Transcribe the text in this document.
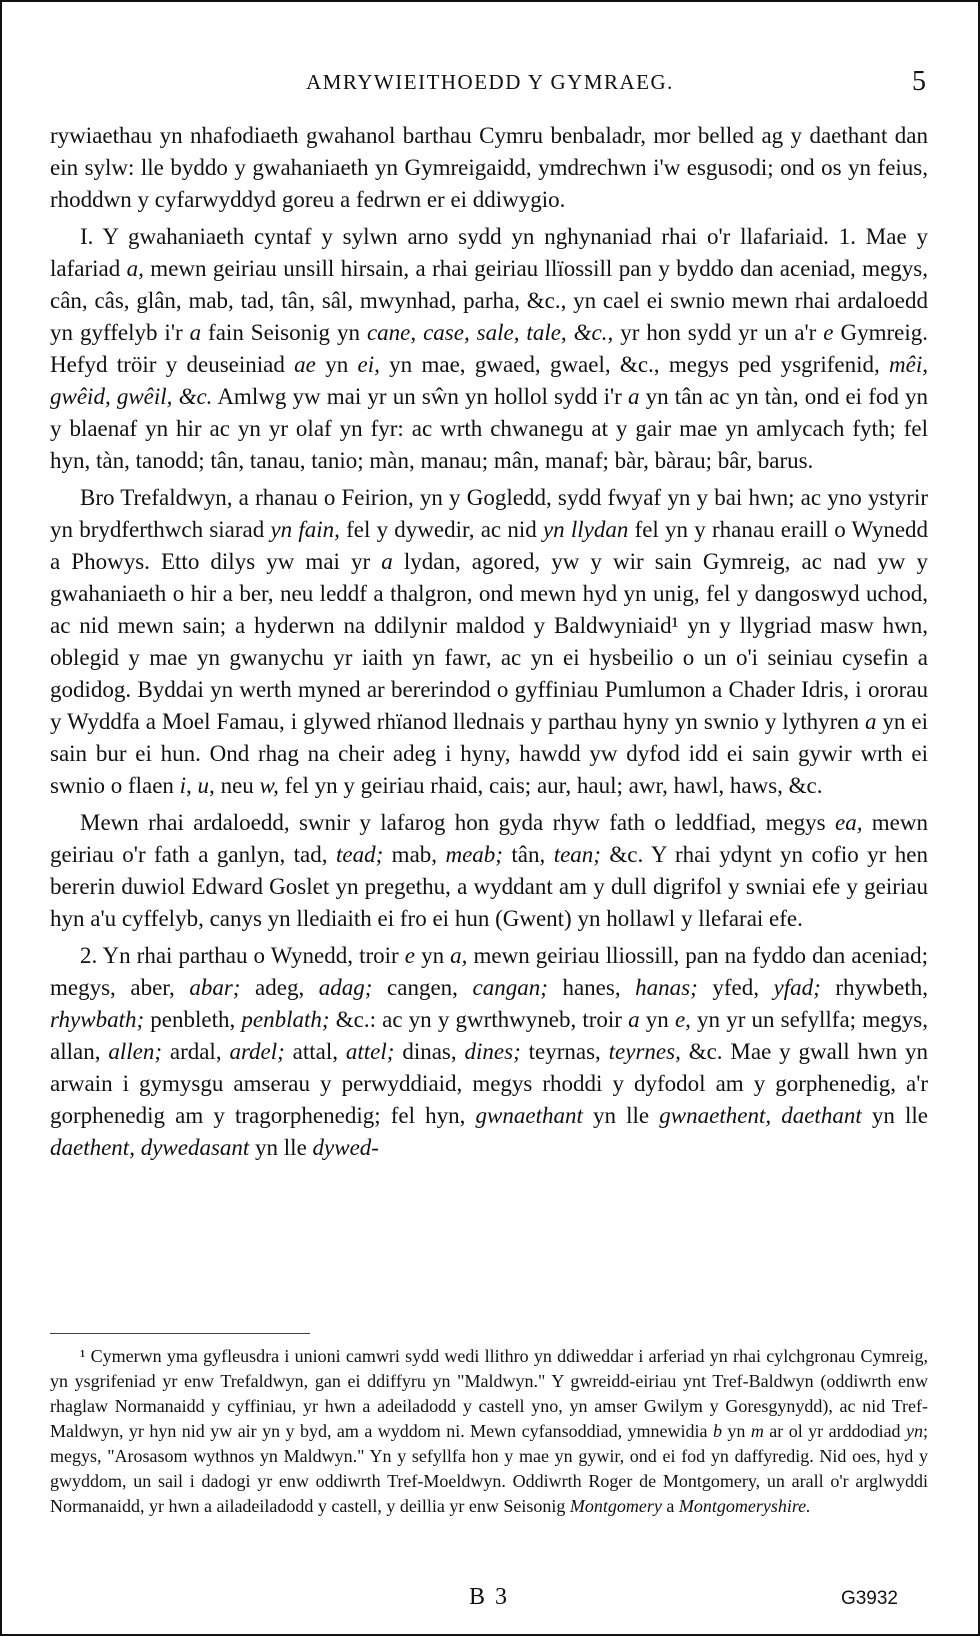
AMRYWIEITHOEDD Y GYMRAEG.	5

rywiaethau yn nhafodiaeth gwahanol barthau Cymru benbaladr, mor belled ag y daethant dan ein sylw: lle byddo y gwahaniaeth yn Gymreigaidd, ymdrechwn i'w esgusodi; ond os yn feius, rhoddwn y cyfarwyddyd goreu a fedrwn er ei ddiwygio.

I. Y gwahaniaeth cyntaf y sylwn arno sydd yn nghynaniad rhai o'r llafariaid. 1. Mae y lafariad a, mewn geiriau unsill hirsain, a rhai geiriau llïossill pan y byddo dan aceniad, megys, cân, câs, glân, mab, tad, tân, sâl, mwynhad, parha, &c., yn cael ei swnio mewn rhai ardaloedd yn gyffelyb i'r a fain Seisonig yn cane, case, sale, tale, &c., yr hon sydd yr un a'r e Gymreig. Hefyd tröir y deuseiniad ae yn ei, yn mae, gwaed, gwael, &c., megys ped ysgrifenid, mêi, gwêid, gwêil, &c. Amlwg yw mai yr un sŵn yn hollol sydd i'r a yn tân ac yn tàn, ond ei fod yn y blaenaf yn hir ac yn yr olaf yn fyr: ac wrth chwanegu at y gair mae yn amlycach fyth; fel hyn, tàn, tanodd; tân, tanau, tanio; màn, manau; mân, manaf; bàr, bàrau; bâr, barus.

Bro Trefaldwyn, a rhanau o Feirion, yn y Gogledd, sydd fwyaf yn y bai hwn; ac yno ystyrir yn brydferthwch siarad yn fain, fel y dywedir, ac nid yn llydan fel yn y rhanau eraill o Wynedd a Phowys. Etto dilys yw mai yr a lydan, agored, yw y wir sain Gymreig, ac nad yw y gwahaniaeth o hir a ber, neu leddf a thalgron, ond mewn hyd yn unig, fel y dangoswyd uchod, ac nid mewn sain; a hyderwn na ddilynir maldod y Baldwyniaid¹ yn y llygriad masw hwn, oblegid y mae yn gwanychu yr iaith yn fawr, ac yn ei hysbeilio o un o'i seiniau cysefin a godidog. Byddai yn werth myned ar bererindod o gyffiniau Pumlumon a Chader Idris, i ororau y Wyddfa a Moel Famau, i glywed rhïanod llednais y parthau hyny yn swnio y lythyren a yn ei sain bur ei hun. Ond rhag na cheir adeg i hyny, hawdd yw dyfod idd ei sain gywir wrth ei swnio o flaen i, u, neu w, fel yn y geiriau rhaid, cais; aur, haul; awr, hawl, haws, &c.

Mewn rhai ardaloedd, swnir y lafarog hon gyda rhyw fath o leddfiad, megys ea, mewn geiriau o'r fath a ganlyn, tad, tead; mab, meab; tân, tean; &c. Y rhai ydynt yn cofio yr hen bererin duwiol Edward Goslet yn pregethu, a wyddant am y dull digrifol y swniai efe y geiriau hyn a'u cyffelyb, canys yn llediaith ei fro ei hun (Gwent) yn hollawl y llefarai efe.

2. Yn rhai parthau o Wynedd, troir e yn a, mewn geiriau lliossill, pan na fyddo dan aceniad; megys, aber, abar; adeg, adag; cangen, cangan; hanes, hanas; yfed, yfad; rhywbeth, rhywbath; penbleth, penblath; &c.: ac yn y gwrthwyneb, troir a yn e, yn yr un sefyllfa; megys, allan, allen; ardal, ardel; attal, attel; dinas, dines; teyrnas, teyrnes, &c. Mae y gwall hwn yn arwain i gymysgu amserau y perwyddiaid, megys rhoddi y dyfodol am y gorphenedig, a'r gorphenedig am y tragorphenedig; fel hyn, gwnaethant yn lle gwnaethent, daethant yn lle daethent, dywedasant yn lle dywed-

¹ Cymerwn yma gyfleusdra i unioni camwri sydd wedi llithro yn ddiweddar i arferiad yn rhai cylchgronau Cymreig, yn ysgrifeniad yr enw Trefaldwyn, gan ei ddiffyru yn "Maldwyn." Y gwreidd-eiriau ynt Tref-Baldwyn (oddiwrth enw rhaglaw Normanaidd y cyffiniau, yr hwn a adeiladodd y castell yno, yn amser Gwilym y Goresgynydd), ac nid Tref-Maldwyn, yr hyn nid yw air yn y byd, am a wyddom ni. Mewn cyfansoddiad, ymnewidia b yn m ar ol yr arddodiad yn; megys, "Arosasom wythnos yn Maldwyn." Yn y sefyllfa hon y mae yn gywir, ond ei fod yn daffyredig. Nid oes, hyd y gwyddom, un sail i dadogi yr enw oddiwrth Tref-Moeldwyn. Oddiwrth Roger de Montgomery, un arall o'r arglwyddi Normanaidd, yr hwn a ailadeiladodd y castell, y deillia yr enw Seisonig Montgomery a Montgomeryshire.

B 3	G3932
